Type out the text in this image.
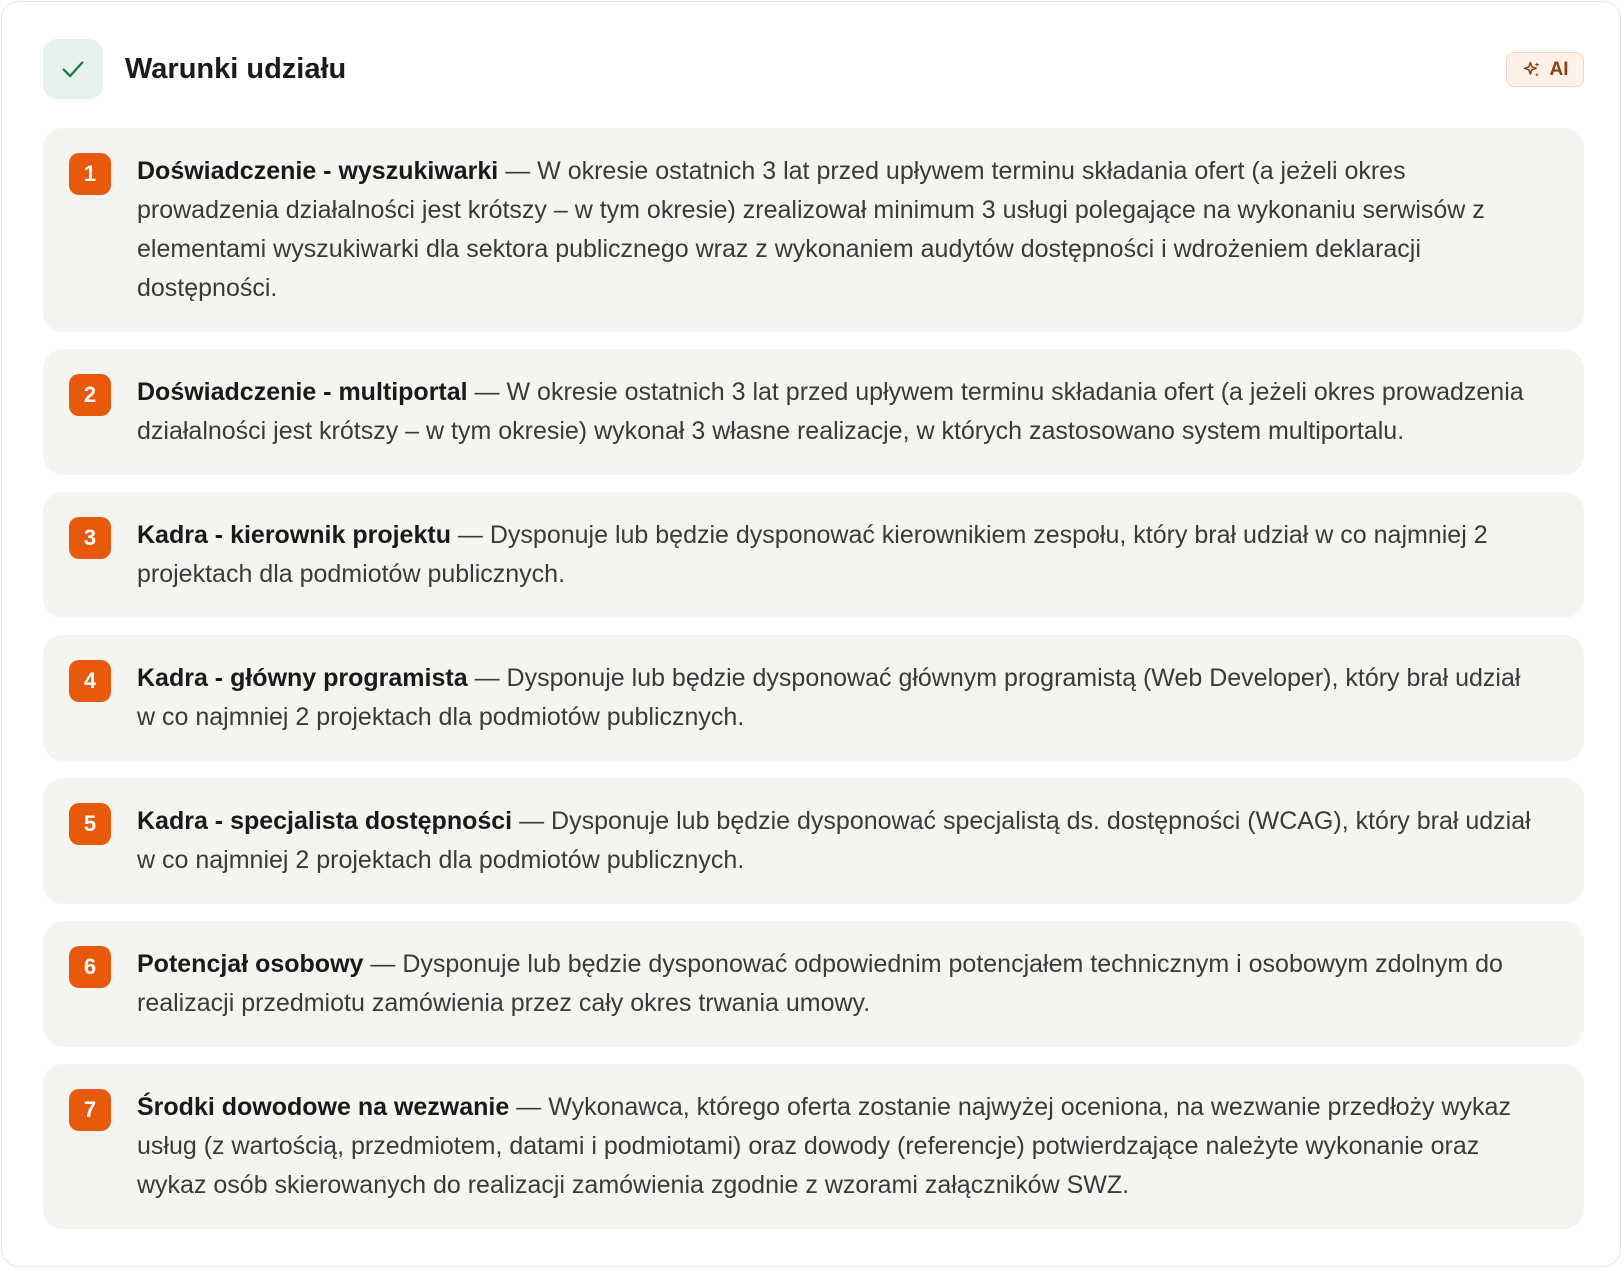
Warunki udziału	AI
1	Doświadczenie - wyszukiwarki — W okresie ostatnich 3 lat przed upływem terminu składania ofert (a jeżeli okres prowadzenia działalności jest krótszy – w tym okresie) zrealizował minimum 3 usługi polegające na wykonaniu serwisów z elementami wyszukiwarki dla sektora publicznego wraz z wykonaniem audytów dostępności i wdrożeniem deklaracji dostępności.
2	Doświadczenie - multiportal — W okresie ostatnich 3 lat przed upływem terminu składania ofert (a jeżeli okres prowadzenia działalności jest krótszy – w tym okresie) wykonał 3 własne realizacje, w których zastosowano system multiportalu.
3	Kadra - kierownik projektu — Dysponuje lub będzie dysponować kierownikiem zespołu, który brał udział w co najmniej 2 projektach dla podmiotów publicznych.
4	Kadra - główny programista — Dysponuje lub będzie dysponować głównym programistą (Web Developer), który brał udział w co najmniej 2 projektach dla podmiotów publicznych.
5	Kadra - specjalista dostępności — Dysponuje lub będzie dysponować specjalistą ds. dostępności (WCAG), który brał udział w co najmniej 2 projektach dla podmiotów publicznych.
6	Potencjał osobowy — Dysponuje lub będzie dysponować odpowiednim potencjałem technicznym i osobowym zdolnym do realizacji przedmiotu zamówienia przez cały okres trwania umowy.
7	Środki dowodowe na wezwanie — Wykonawca, którego oferta zostanie najwyżej oceniona, na wezwanie przedłoży wykaz usług (z wartością, przedmiotem, datami i podmiotami) oraz dowody (referencje) potwierdzające należyte wykonanie oraz wykaz osób skierowanych do realizacji zamówienia zgodnie z wzorami załączników SWZ.
